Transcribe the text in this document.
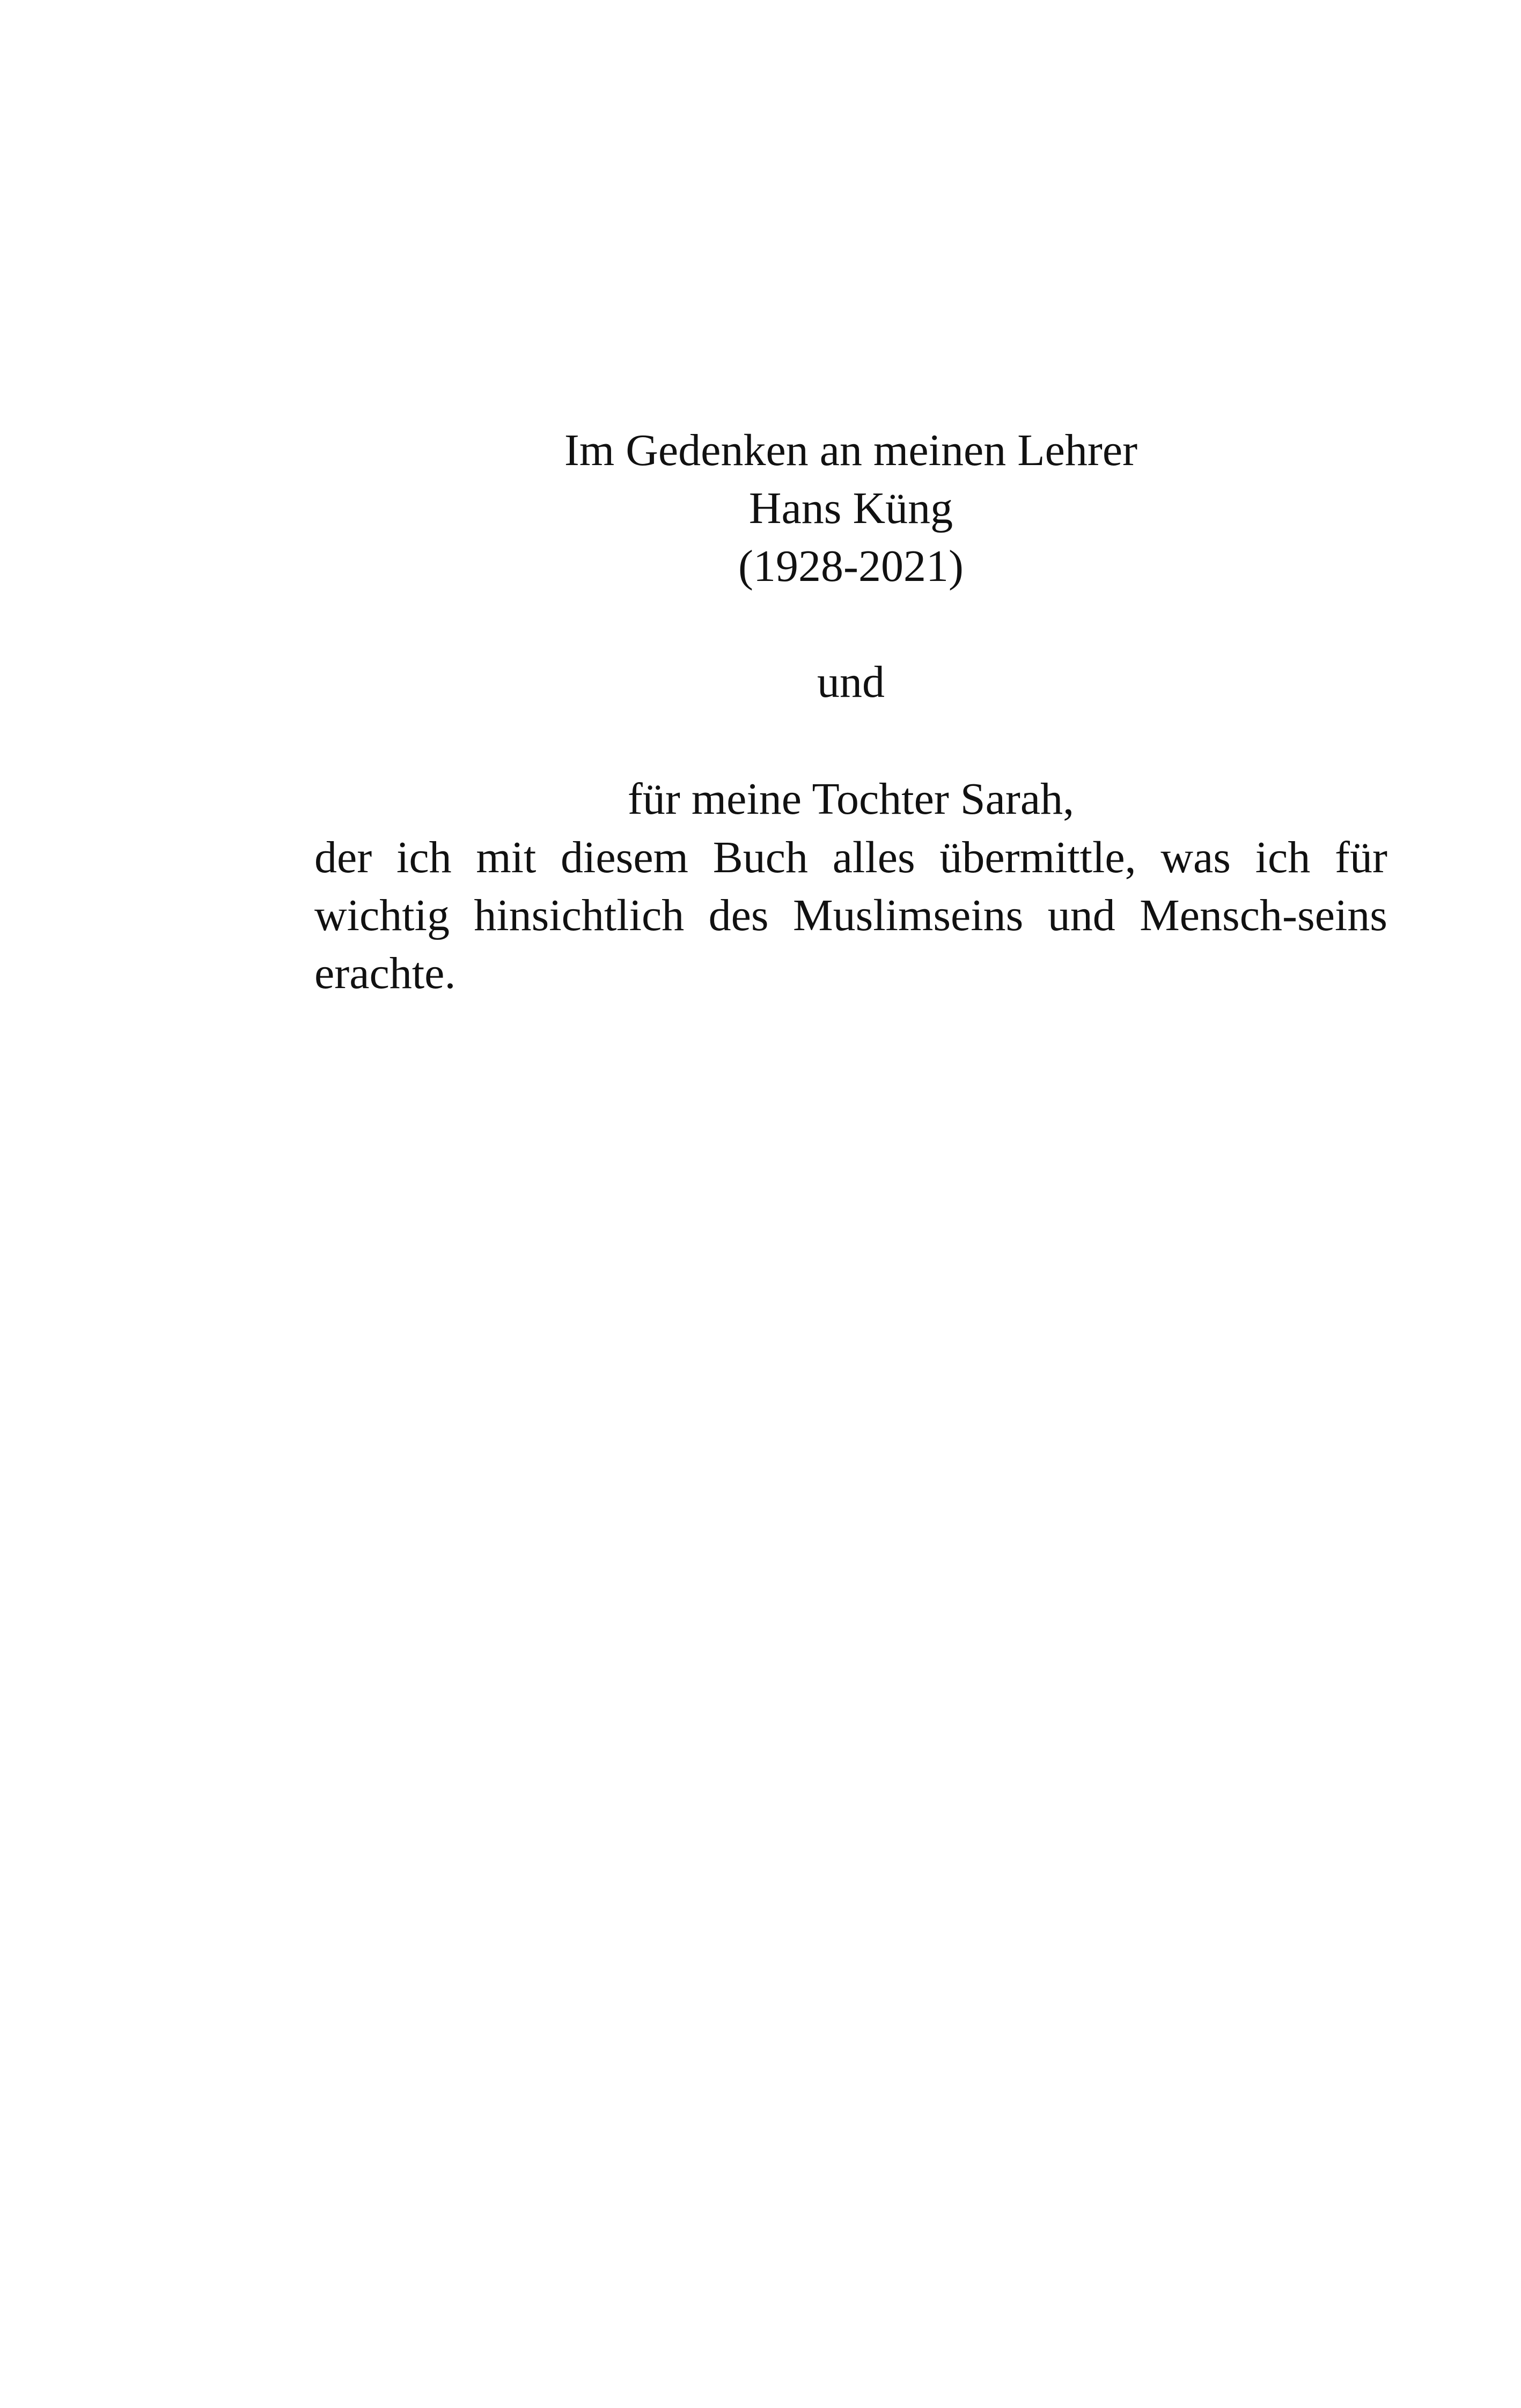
Im Gedenken an meinen Lehrer
Hans Küng
(1928-2021)
und
für meine Tochter Sarah,

der ich mit diesem Buch alles übermittle, was ich für wichtig hinsichtlich des Muslimseins und Mensch-seins erachte.
